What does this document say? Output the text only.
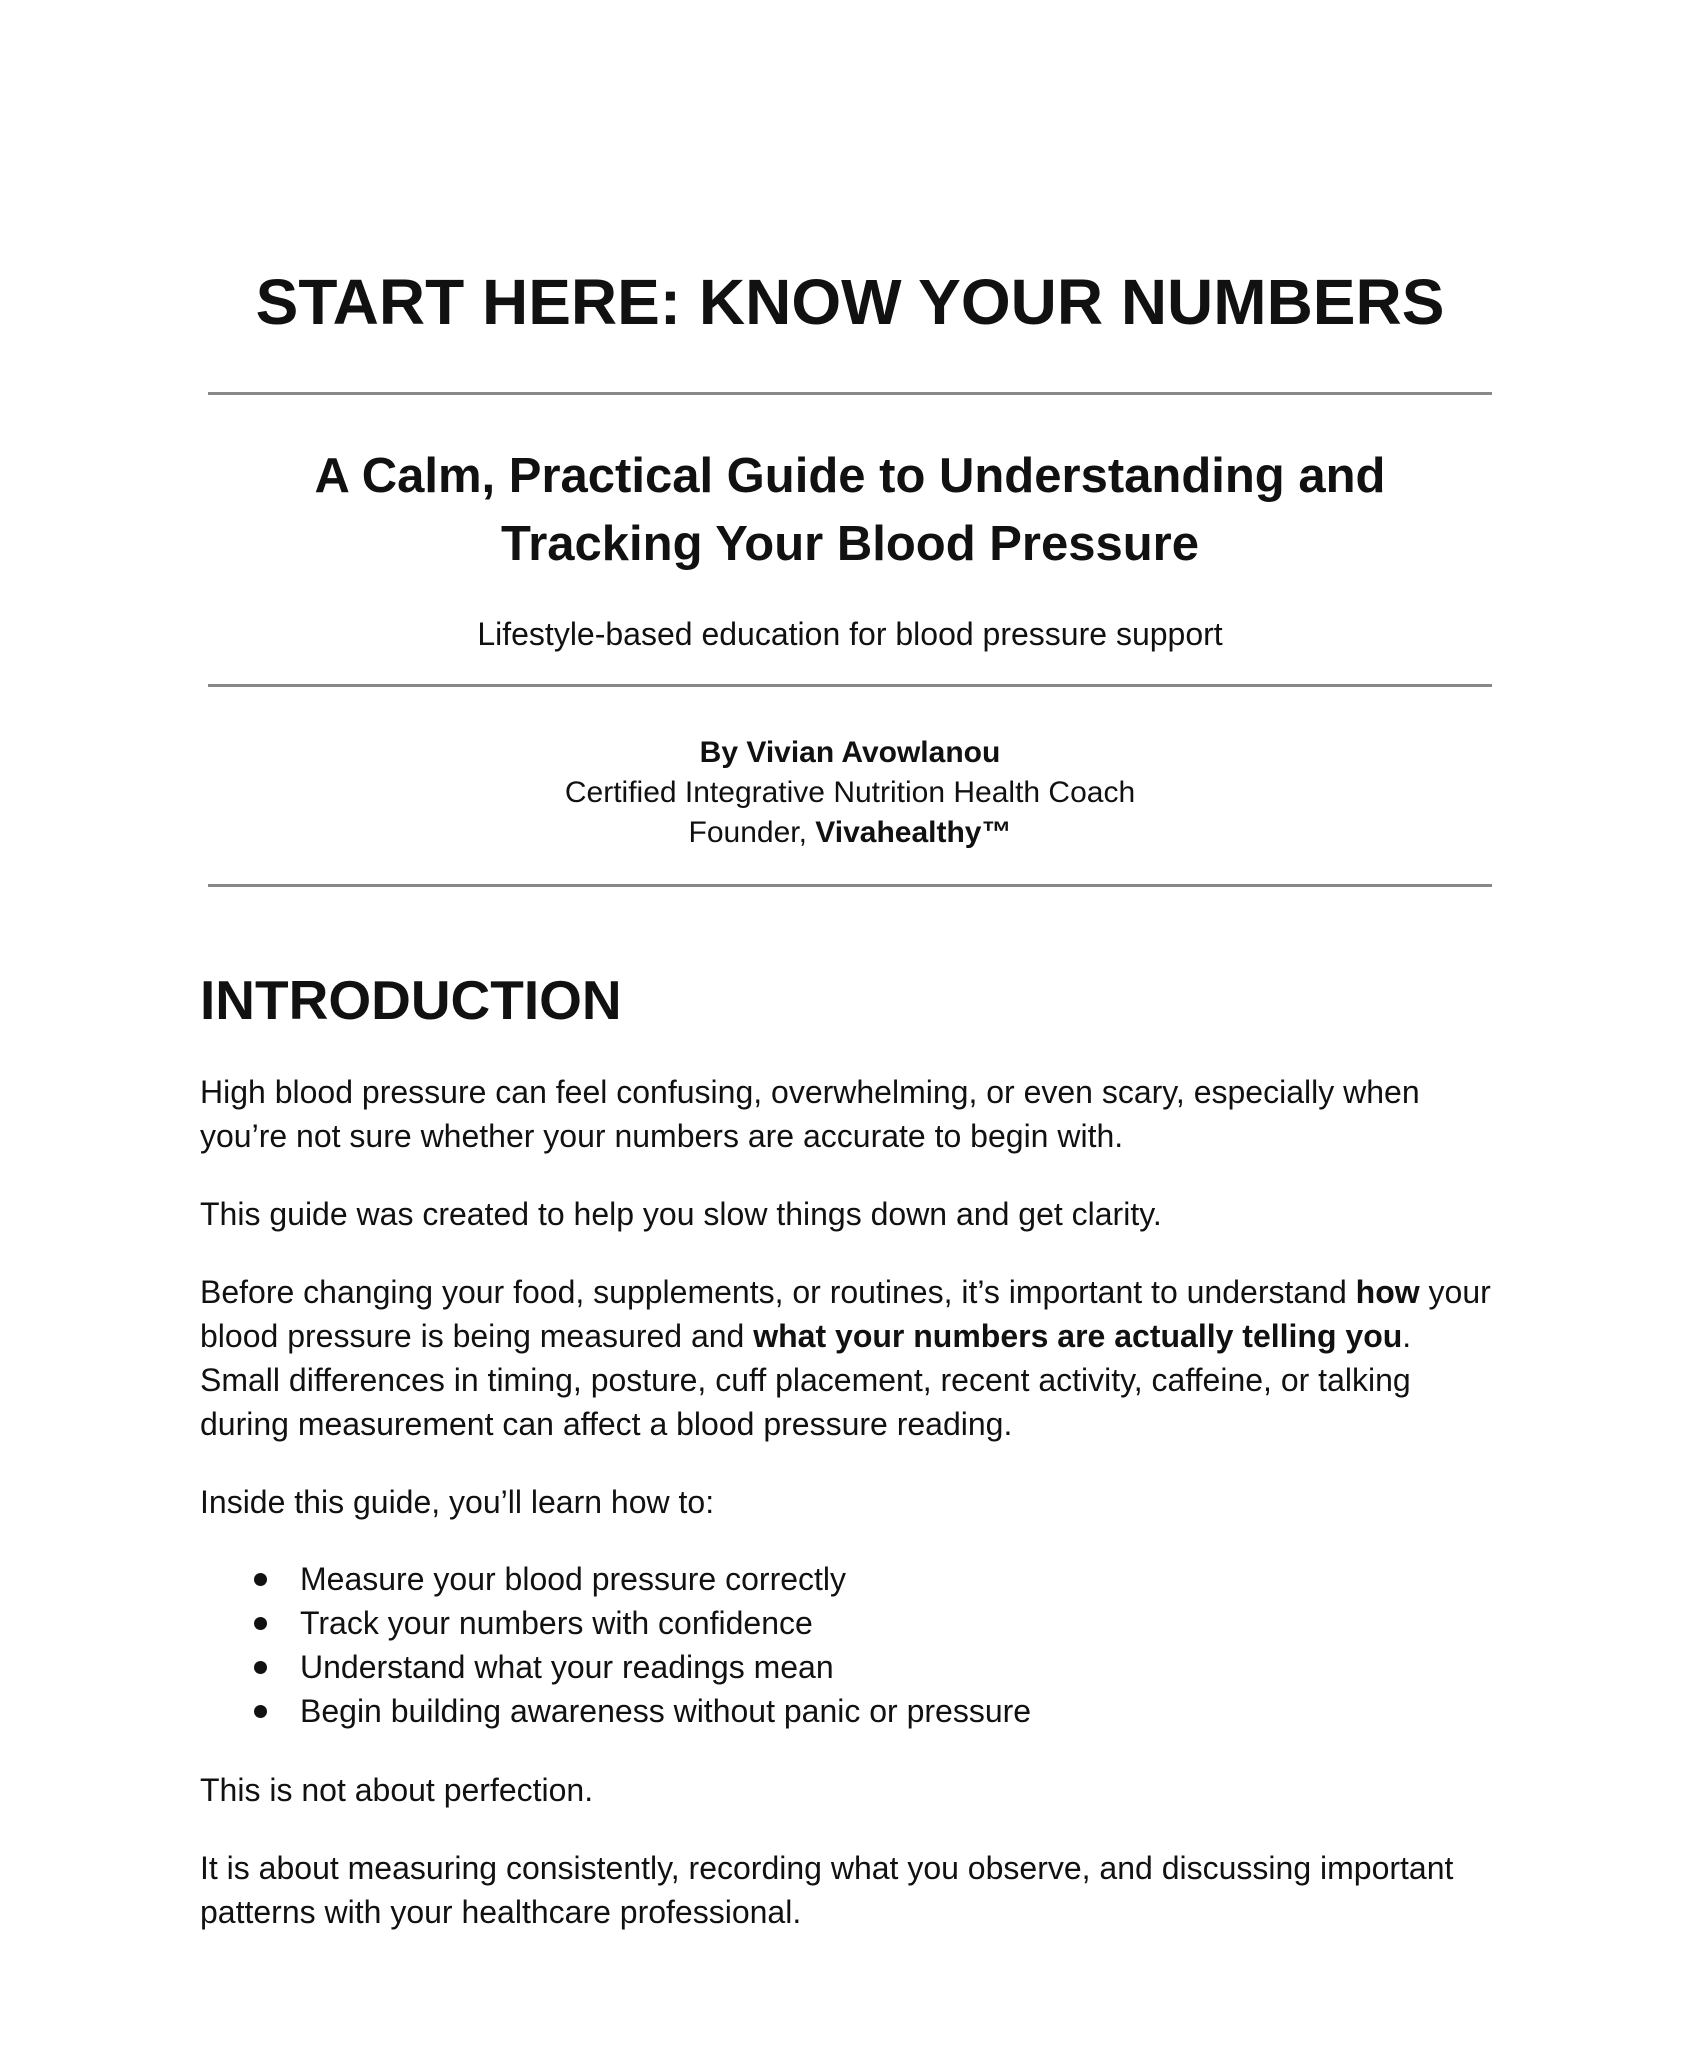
START HERE: KNOW YOUR NUMBERS
A Calm, Practical Guide to Understanding and
Tracking Your Blood Pressure

Lifestyle-based education for blood pressure support

By Vivian Avowlanou
Certified Integrative Nutrition Health Coach
Founder, Vivahealthy™
INTRODUCTION

High blood pressure can feel confusing, overwhelming, or even scary, especially when you’re not sure whether your numbers are accurate to begin with.

This guide was created to help you slow things down and get clarity.

Before changing your food, supplements, or routines, it’s important to understand how your blood pressure is being measured and what your numbers are actually telling you. Small differences in timing, posture, cuff placement, recent activity, caffeine, or talking during measurement can affect a blood pressure reading.

Inside this guide, you’ll learn how to:

Measure your blood pressure correctly
Track your numbers with confidence
Understand what your readings mean
Begin building awareness without panic or pressure

This is not about perfection.

It is about measuring consistently, recording what you observe, and discussing important patterns with your healthcare professional.
